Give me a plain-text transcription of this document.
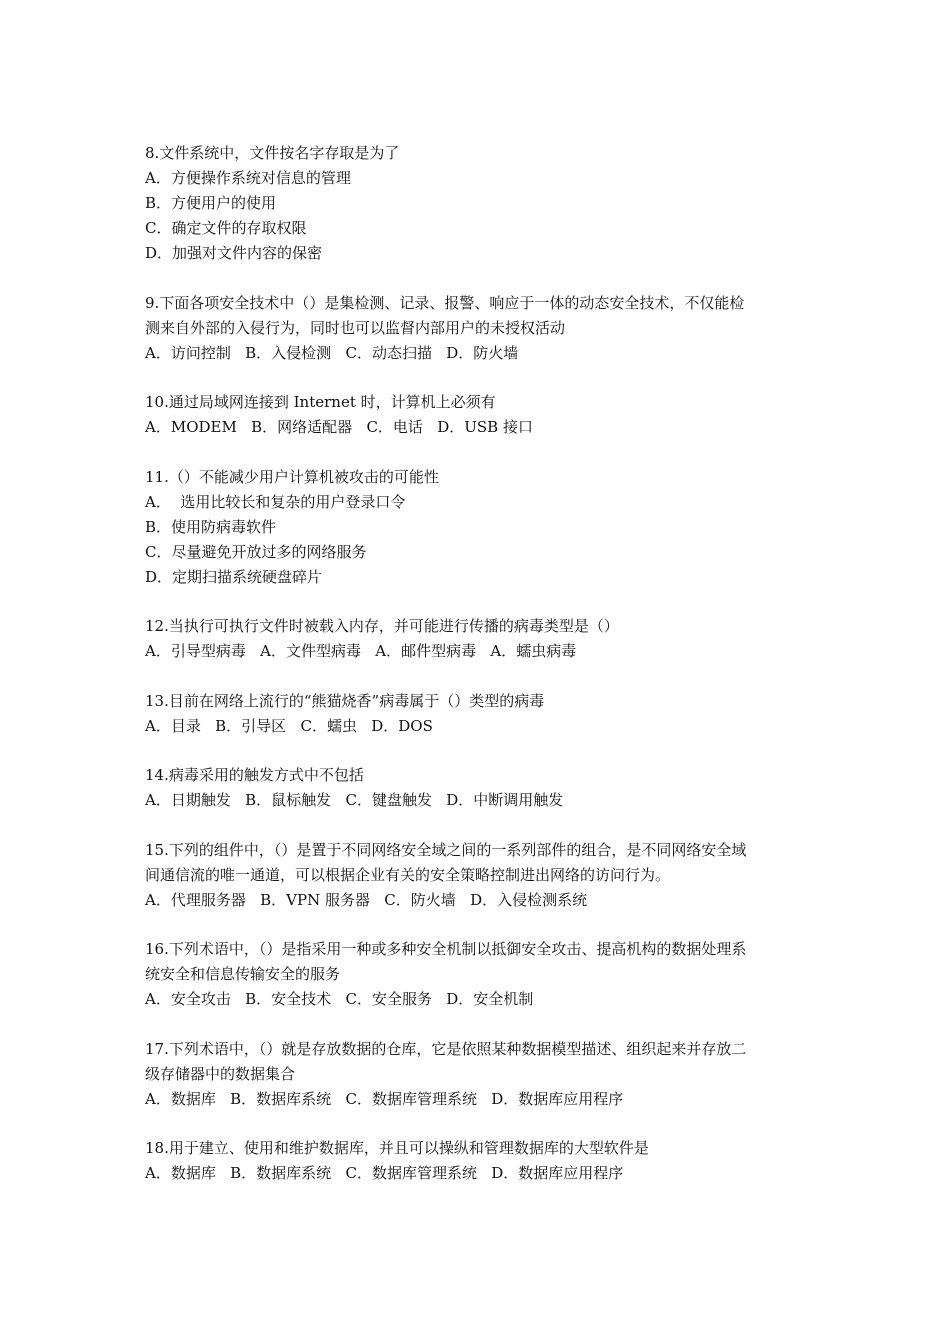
8.文件系统中，文件按名字存取是为了
A．方便操作系统对信息的管理
B．方便用户的使用
C．确定文件的存取权限
D．加强对文件内容的保密
9.下面各项安全技术中（）是集检测、记录、报警、响应于一体的动态安全技术，不仅能检
测来自外部的入侵行为，同时也可以监督内部用户的未授权活动
A．访问控制   B．入侵检测   C．动态扫描   D．防火墙
10.通过局域网连接到 Internet 时，计算机上必须有
A．MODEM   B．网络适配器   C．电话   D．USB 接口
11.（）不能减少用户计算机被攻击的可能性
A．  选用比较长和复杂的用户登录口令
B．使用防病毒软件
C．尽量避免开放过多的网络服务
D．定期扫描系统硬盘碎片
12.当执行可执行文件时被载入内存，并可能进行传播的病毒类型是（）
A．引导型病毒   A．文件型病毒   A．邮件型病毒   A．蠕虫病毒
13.目前在网络上流行的“熊猫烧香”病毒属于（）类型的病毒
A．目录   B．引导区   C．蠕虫   D．DOS
14.病毒采用的触发方式中不包括
A．日期触发   B．鼠标触发   C．键盘触发   D．中断调用触发
15.下列的组件中，（）是置于不同网络安全域之间的一系列部件的组合，是不同网络安全域
间通信流的唯一通道，可以根据企业有关的安全策略控制进出网络的访问行为。
A．代理服务器   B．VPN 服务器   C．防火墙   D．入侵检测系统
16.下列术语中，（）是指采用一种或多种安全机制以抵御安全攻击、提高机构的数据处理系
统安全和信息传输安全的服务
A．安全攻击   B．安全技术   C．安全服务   D．安全机制
17.下列术语中，（）就是存放数据的仓库，它是依照某种数据模型描述、组织起来并存放二
级存储器中的数据集合
A．数据库   B．数据库系统   C．数据库管理系统   D．数据库应用程序
18.用于建立、使用和维护数据库，并且可以操纵和管理数据库的大型软件是
A．数据库   B．数据库系统   C．数据库管理系统   D．数据库应用程序
